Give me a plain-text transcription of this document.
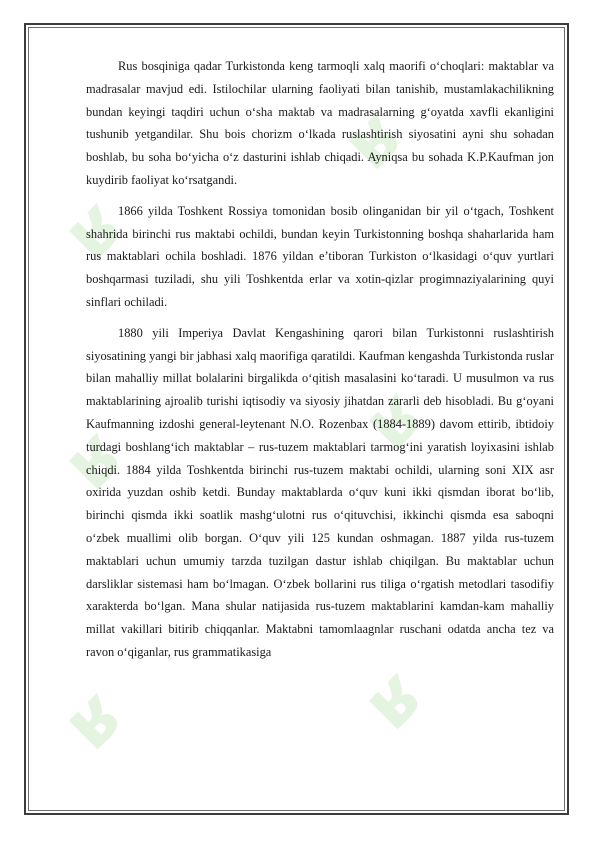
ʁ
ʁ
ʁ	ʁ
ʁ	ʁ

Rus bosqiniga qadar Turkistonda keng tarmoqli xalq maorifi o‘choqlari: maktablar va madrasalar mavjud edi. Istilochilar ularning faoliyati bilan tanishib, mustamlakachilikning bundan keyingi taqdiri uchun o‘sha maktab va madrasalarning g‘oyatda xavfli ekanligini tushunib yetgandilar. Shu bois chorizm o‘lkada ruslashtirish siyosatini ayni shu sohadan boshlab, bu soha bo‘yicha o‘z dasturini ishlab chiqadi. Ayniqsa bu sohada K.P.Kaufman jon kuydirib faoliyat ko‘rsatgandi.

1866 yilda Toshkent Rossiya tomonidan bosib olinganidan bir yil o‘tgach, Toshkent shahrida birinchi rus maktabi ochildi, bundan keyin Turkistonning boshqa shaharlarida ham rus maktablari ochila boshladi. 1876 yildan e’tiboran Turkiston o‘lkasidagi o‘quv yurtlari boshqarmasi tuziladi, shu yili Toshkentda erlar va xotin-qizlar progimnaziyalarining quyi sinflari ochiladi.

1880 yili Imperiya Davlat Kengashining qarori bilan Turkistonni ruslashtirish siyosatining yangi bir jabhasi xalq maorifiga qaratildi. Kaufman kengashda Turkistonda ruslar bilan mahalliy millat bolalarini birgalikda o‘qitish masalasini ko‘taradi. U musulmon va rus maktablarining ajroalib turishi iqtisodiy va siyosiy jihatdan zararli deb hisobladi. Bu g‘oyani Kaufmanning izdoshi general-leytenant N.O. Rozenbax (1884-1889) davom ettirib, ibtidoiy turdagi boshlang‘ich maktablar – rus-tuzem maktablari tarmog‘ini yaratish loyixasini ishlab chiqdi. 1884 yilda Toshkentda birinchi rus-tuzem maktabi ochildi, ularning soni XIX asr oxirida yuzdan oshib ketdi. Bunday maktablarda o‘quv kuni ikki qismdan iborat bo‘lib, birinchi qismda ikki soatlik mashg‘ulotni rus o‘qituvchisi, ikkinchi qismda esa saboqni o‘zbek muallimi olib borgan. O‘quv yili 125 kundan oshmagan. 1887 yilda rus-tuzem maktablari uchun umumiy tarzda tuzilgan dastur ishlab chiqilgan. Bu maktablar uchun darsliklar sistemasi ham bo‘lmagan. O‘zbek bollarini rus tiliga o‘rgatish metodlari tasodifiy xarakterda bo‘lgan. Mana shular natijasida rus-tuzem maktablarini kamdan-kam mahalliy millat vakillari bitirib chiqqanlar. Maktabni tamomlaagnlar ruschani odatda ancha tez va ravon o‘qiganlar, rus grammatikasiga
